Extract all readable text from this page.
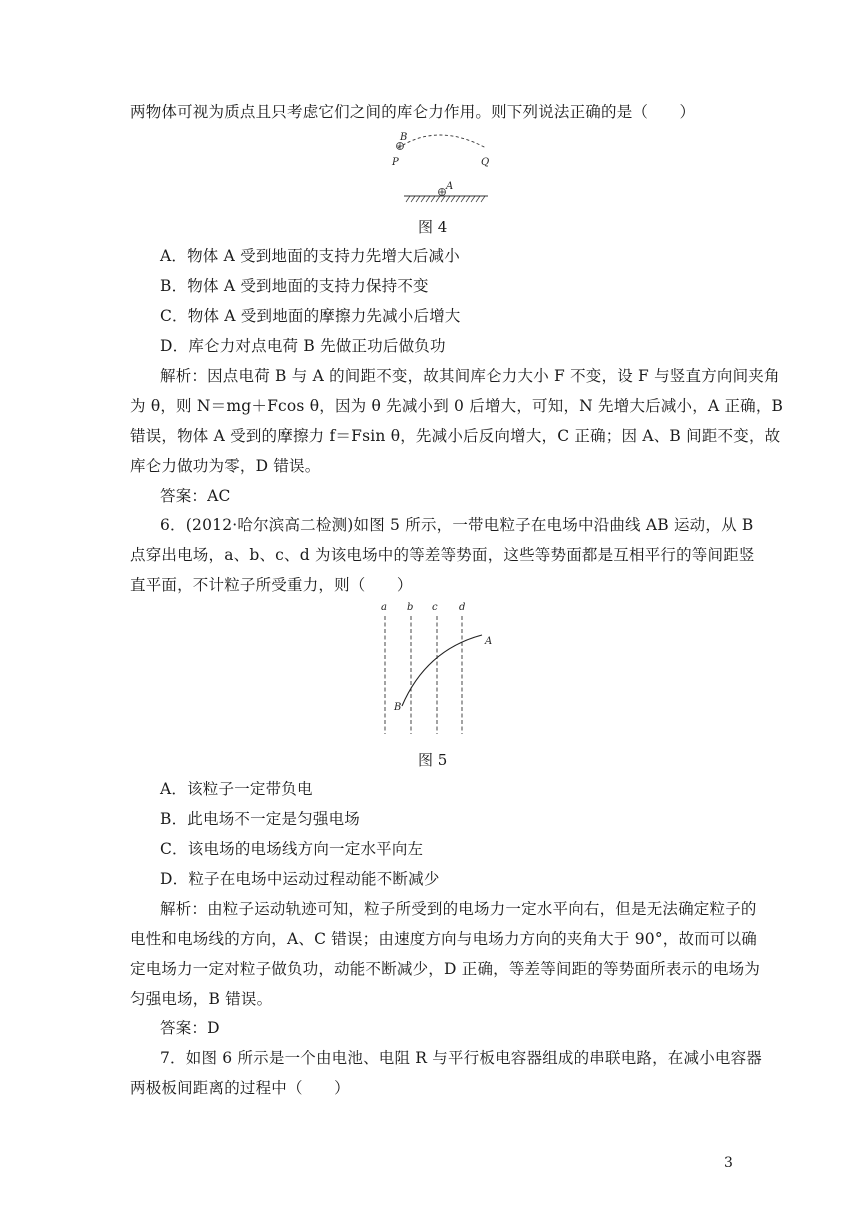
两物体可视为质点且只考虑它们之间的库仑力作用。则下列说法正确的是（　　）
B
P	Q
A
图 4
A．物体 A 受到地面的支持力先增大后减小
B．物体 A 受到地面的支持力保持不变
C．物体 A 受到地面的摩擦力先减小后增大
D．库仑力对点电荷 B 先做正功后做负功
解析：因点电荷 B 与 A 的间距不变，故其间库仑力大小 F 不变，设 F 与竖直方向间夹角
为 θ，则 N＝mg＋Fcos θ，因为 θ 先减小到 0 后增大，可知，N 先增大后减小，A 正确，B
错误，物体 A 受到的摩擦力 f＝Fsin θ，先减小后反向增大，C 正确；因 A、B 间距不变，故
库仑力做功为零，D 错误。
答案：AC
6．(2012·哈尔滨高二检测)如图 5 所示，一带电粒子在电场中沿曲线 AB 运动，从 B
点穿出电场，a、b、c、d 为该电场中的等差等势面，这些等势面都是互相平行的等间距竖
直平面，不计粒子所受重力，则（　　）
a b c d
A
B
图 5
A．该粒子一定带负电
B．此电场不一定是匀强电场
C．该电场的电场线方向一定水平向左
D．粒子在电场中运动过程动能不断减少
解析：由粒子运动轨迹可知，粒子所受到的电场力一定水平向右，但是无法确定粒子的
电性和电场线的方向，A、C 错误；由速度方向与电场力方向的夹角大于 90°，故而可以确
定电场力一定对粒子做负功，动能不断减少，D 正确，等差等间距的等势面所表示的电场为
匀强电场，B 错误。
答案：D
7．如图 6 所示是一个由电池、电阻 R 与平行板电容器组成的串联电路，在减小电容器
两极板间距离的过程中（　　）
3
